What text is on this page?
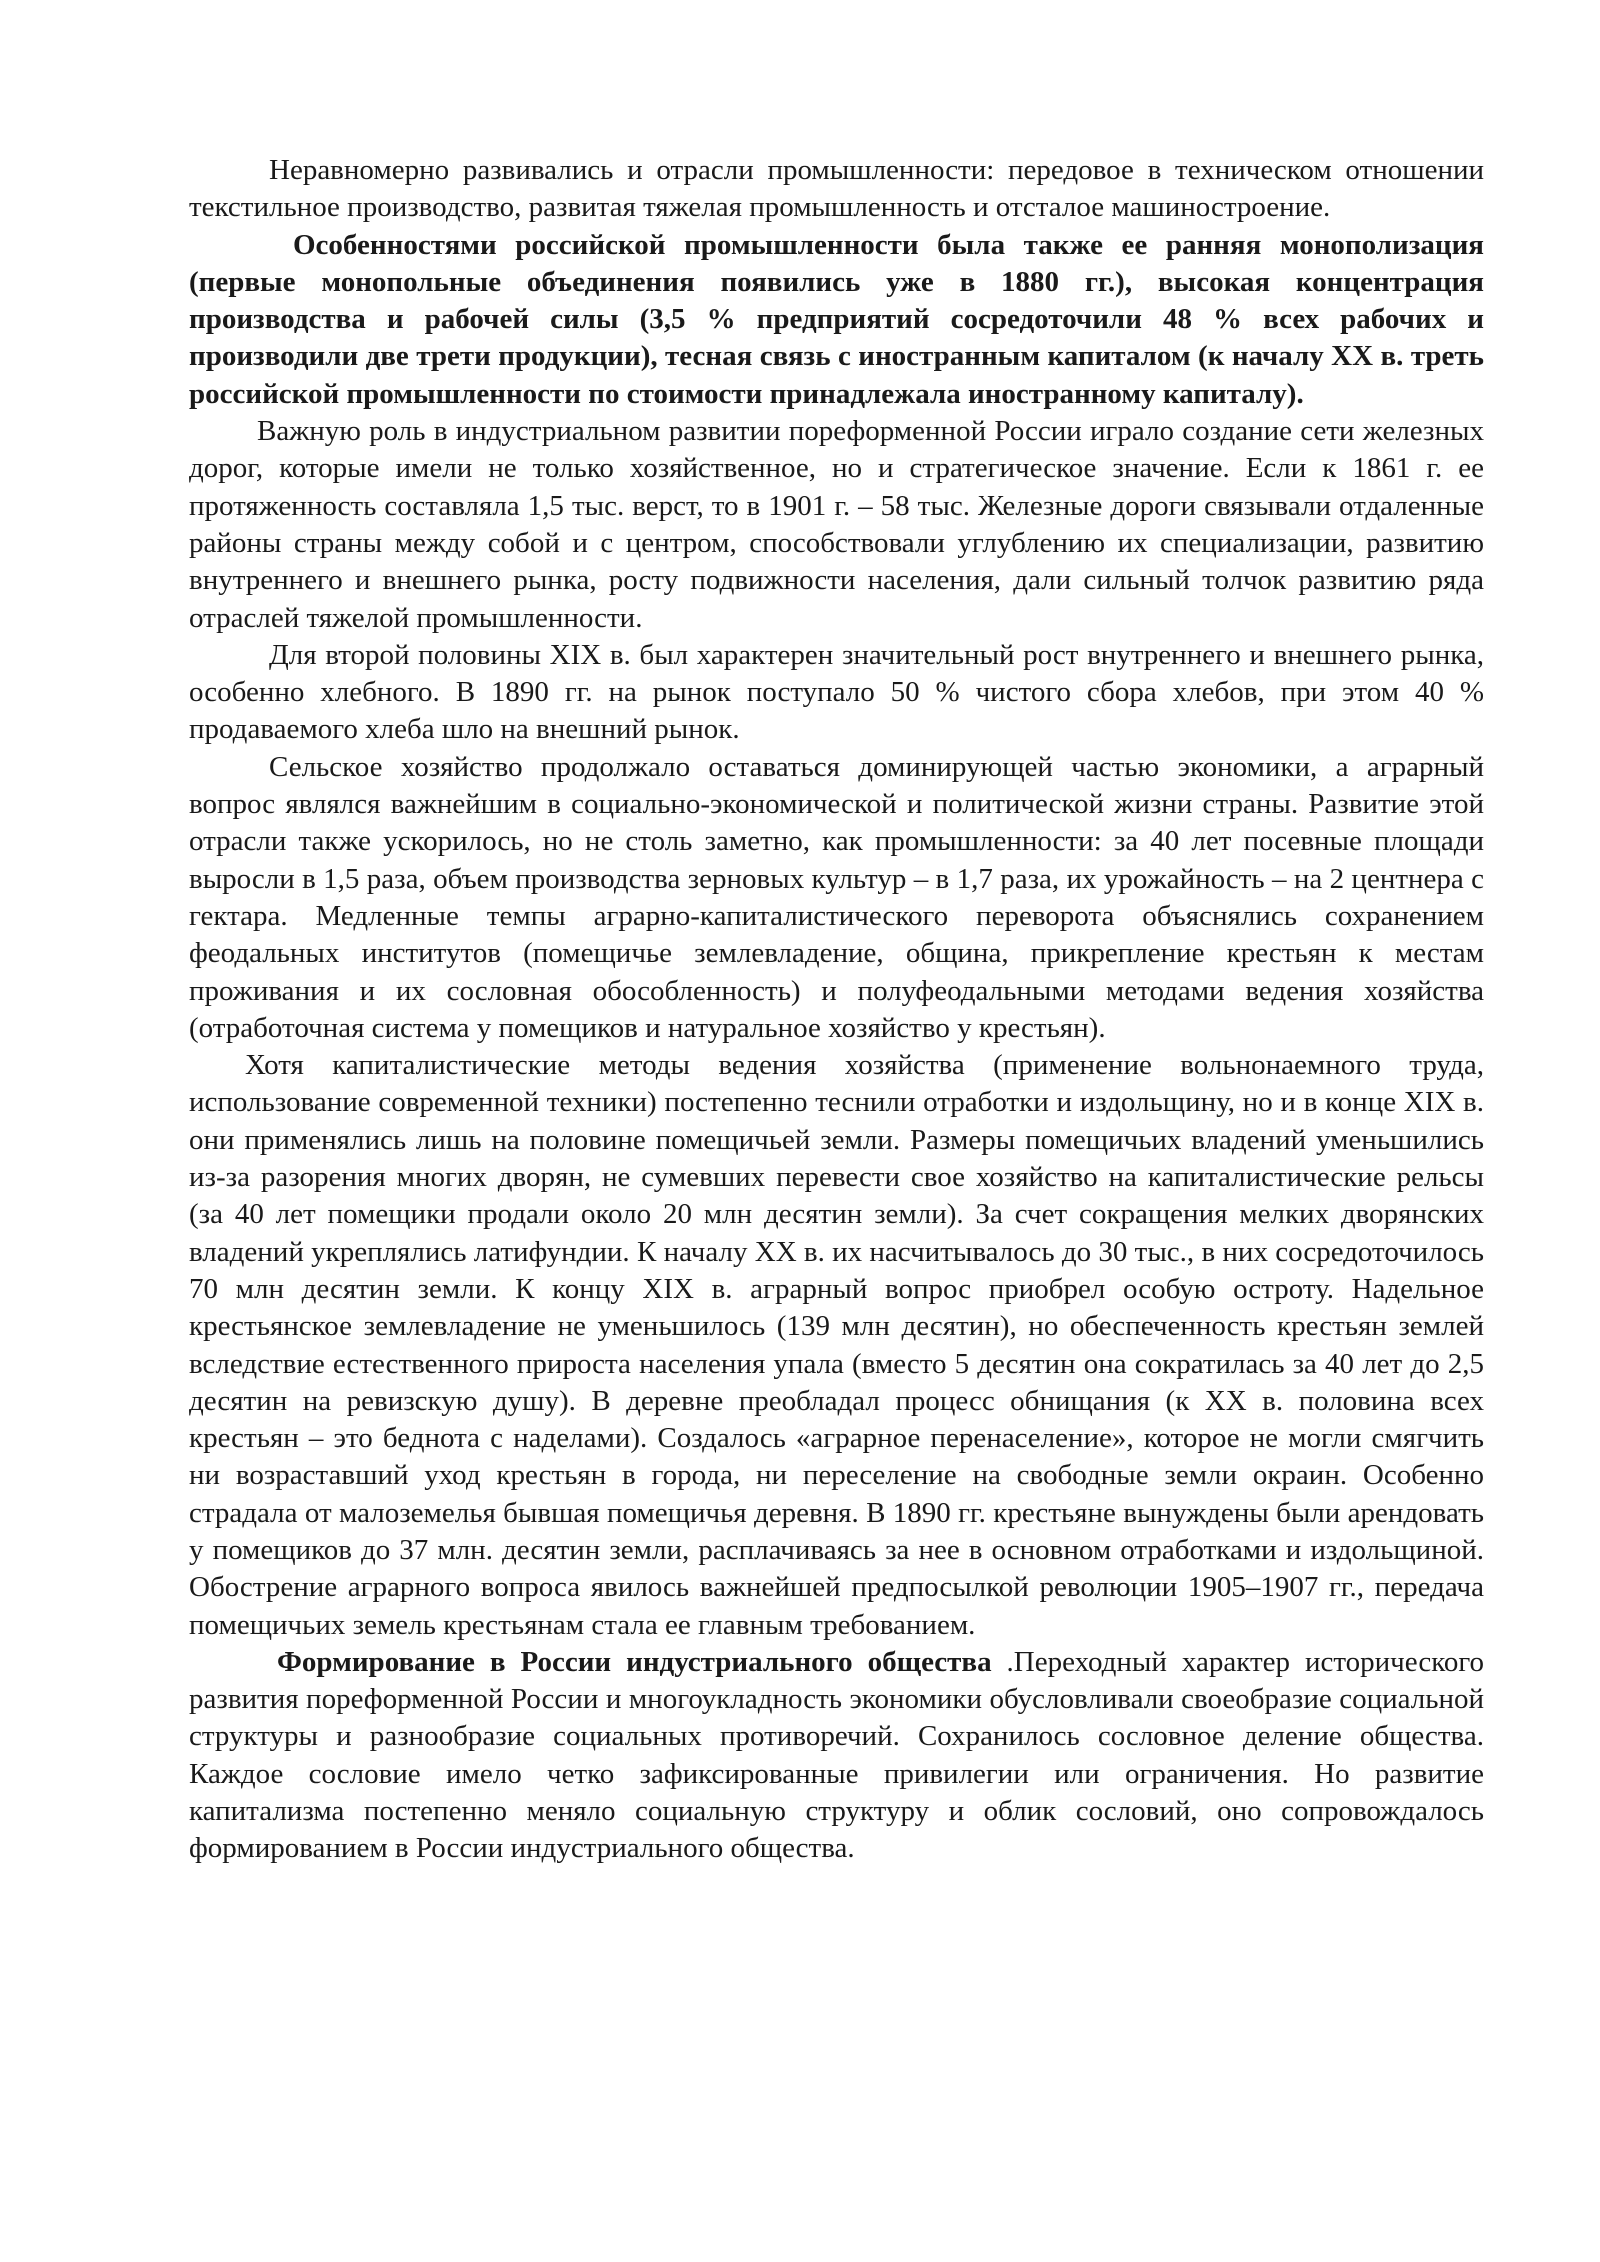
Неравномерно развивались и отрасли промышленности: передовое в техническом отношении текстильное производство, развитая тяжелая промышленность и отсталое машиностроение.

Особенностями российской промышленности была также ее ранняя монополизация (первые монопольные объединения появились уже в 1880 гг.), высокая концентрация производства и рабочей силы (3,5 % предприятий сосредоточили 48 % всех рабочих и производили две трети продукции), тесная связь с иностранным капиталом (к началу XX в. треть российской промышленности по стоимости принадлежала иностранному капиталу).

Важную роль в индустриальном развитии пореформенной России играло создание сети железных дорог, которые имели не только хозяйственное, но и стратегическое значение. Если к 1861 г. ее протяженность составляла 1,5 тыс. верст, то в 1901 г. – 58 тыс. Железные дороги связывали отдаленные районы страны между собой и с центром, способствовали углублению их специализации, развитию внутреннего и внешнего рынка, росту подвижности населения, дали сильный толчок развитию ряда отраслей тяжелой промышленности.

Для второй половины XIX в. был характерен значительный рост внутреннего и внешнего рынка, особенно хлебного. В 1890 гг. на рынок поступало 50 % чистого сбора хлебов, при этом 40 % продаваемого хлеба шло на внешний рынок.

Сельское хозяйство продолжало оставаться доминирующей частью экономики, а аграрный вопрос являлся важнейшим в социально-экономической и политической жизни страны. Развитие этой отрасли также ускорилось, но не столь заметно, как промышленности: за 40 лет посевные площади выросли в 1,5 раза, объем производства зерновых культур – в 1,7 раза, их урожайность – на 2 центнера с гектара. Медленные темпы аграрно-капиталистического переворота объяснялись сохранением феодальных институтов (помещичье землевладение, община, прикрепление крестьян к местам проживания и их сословная обособленность) и полуфеодальными методами ведения хозяйства (отработочная система у помещиков и натуральное хозяйство у крестьян).

Хотя капиталистические методы ведения хозяйства (применение вольнонаемного труда, использование современной техники) постепенно теснили отработки и издольщину, но и в конце XIX в. они применялись лишь на половине помещичьей земли. Размеры помещичьих владений уменьшились из-за разорения многих дворян, не сумевших перевести свое хозяйство на капиталистические рельсы (за 40 лет помещики продали около 20 млн десятин земли). За счет сокращения мелких дворянских владений укреплялись латифундии. К началу XX в. их насчитывалось до 30 тыс., в них сосредоточилось 70 млн десятин земли. К концу XIX в. аграрный вопрос приобрел особую остроту. Надельное крестьянское землевладение не уменьшилось (139 млн десятин), но обеспеченность крестьян землей вследствие естественного прироста населения упала (вместо 5 десятин она сократилась за 40 лет до 2,5 десятин на ревизскую душу). В деревне преобладал процесс обнищания (к XX в. половина всех крестьян – это беднота с наделами). Создалось «аграрное перенаселение», которое не могли смягчить ни возраставший уход крестьян в города, ни переселение на свободные земли окраин. Особенно страдала от малоземелья бывшая помещичья деревня. В 1890 гг. крестьяне вынуждены были арендовать у помещиков до 37 млн. десятин земли, расплачиваясь за нее в основном отработками и издольщиной. Обострение аграрного вопроса явилось важнейшей предпосылкой революции 1905–1907 гг., передача помещичьих земель крестьянам стала ее главным требованием.

Формирование в России индустриального общества .Переходный характер исторического развития пореформенной России и многоукладность экономики обусловливали своеобразие социальной структуры и разнообразие социальных противоречий. Сохранилось сословное деление общества. Каждое сословие имело четко зафиксированные привилегии или ограничения. Но развитие капитализма постепенно меняло социальную структуру и облик сословий, оно сопровождалось формированием в России индустриального общества.
